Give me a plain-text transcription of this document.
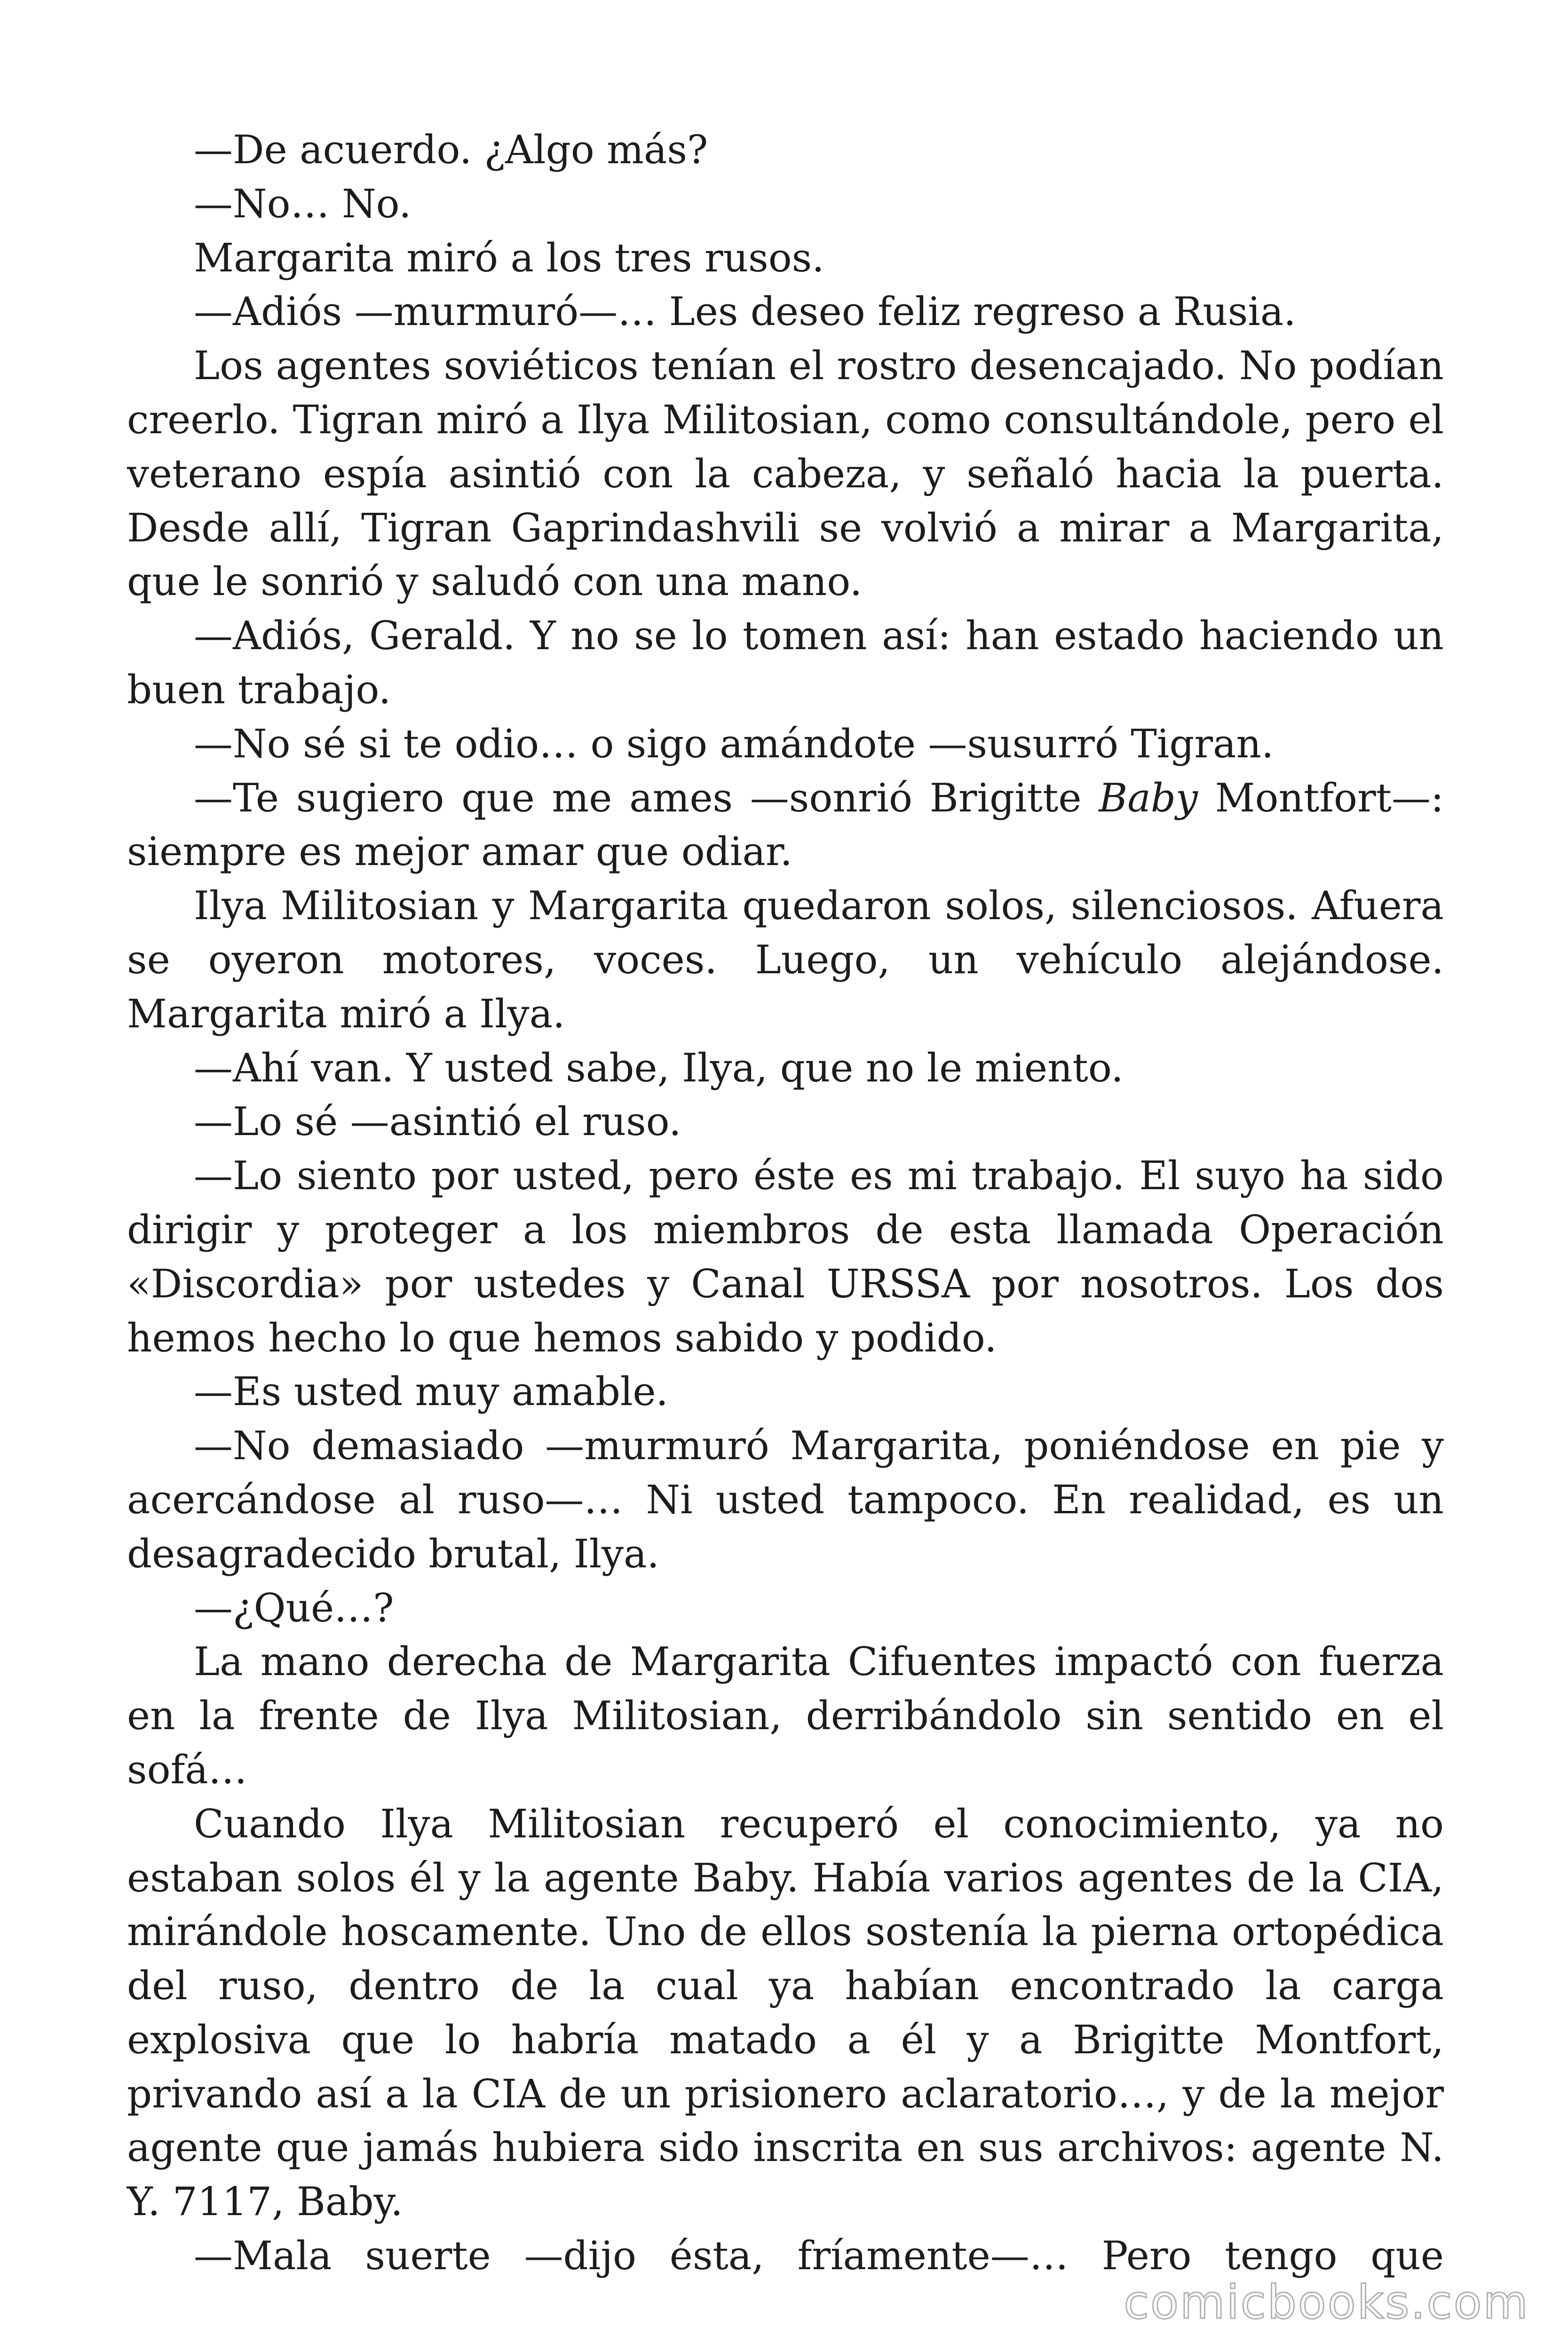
—De acuerdo. ¿Algo más?

—No… No.

Margarita miró a los tres rusos.

—Adiós —murmuró—… Les deseo feliz regreso a Rusia.

Los agentes soviéticos tenían el rostro desencajado. No podían creerlo. Tigran miró a Ilya Militosian, como consultándole, pero el veterano espía asintió con la cabeza, y señaló hacia la puerta. Desde allí, Tigran Gaprindashvili se volvió a mirar a Margarita, que le sonrió y saludó con una mano.

—Adiós, Gerald. Y no se lo tomen así: han estado haciendo un buen trabajo.

—No sé si te odio… o sigo amándote —susurró Tigran.

—Te sugiero que me ames —sonrió Brigitte Baby Montfort—: siempre es mejor amar que odiar.

Ilya Militosian y Margarita quedaron solos, silenciosos. Afuera se oyeron motores, voces. Luego, un vehículo alejándose. Margarita miró a Ilya.

—Ahí van. Y usted sabe, Ilya, que no le miento.

—Lo sé —asintió el ruso.

—Lo siento por usted, pero éste es mi trabajo. El suyo ha sido dirigir y proteger a los miembros de esta llamada Operación «Discordia» por ustedes y Canal URSSA por nosotros. Los dos hemos hecho lo que hemos sabido y podido.

—Es usted muy amable.

—No demasiado —murmuró Margarita, poniéndose en pie y acercándose al ruso—… Ni usted tampoco. En realidad, es un desagradecido brutal, Ilya.

—¿Qué…?

La mano derecha de Margarita Cifuentes impactó con fuerza en la frente de Ilya Militosian, derribándolo sin sentido en el sofá…

Cuando Ilya Militosian recuperó el conocimiento, ya no estaban solos él y la agente Baby. Había varios agentes de la CIA, mirándole hoscamente. Uno de ellos sostenía la pierna ortopédica del ruso, dentro de la cual ya habían encontrado la carga explosiva que lo habría matado a él y a Brigitte Montfort, privando así a la CIA de un prisionero aclaratorio…, y de la mejor agente que jamás hubiera sido inscrita en sus archivos: agente N. Y. 7117, Baby.

—Mala suerte —dijo ésta, fríamente—… Pero tengo que

comicbooks.com
